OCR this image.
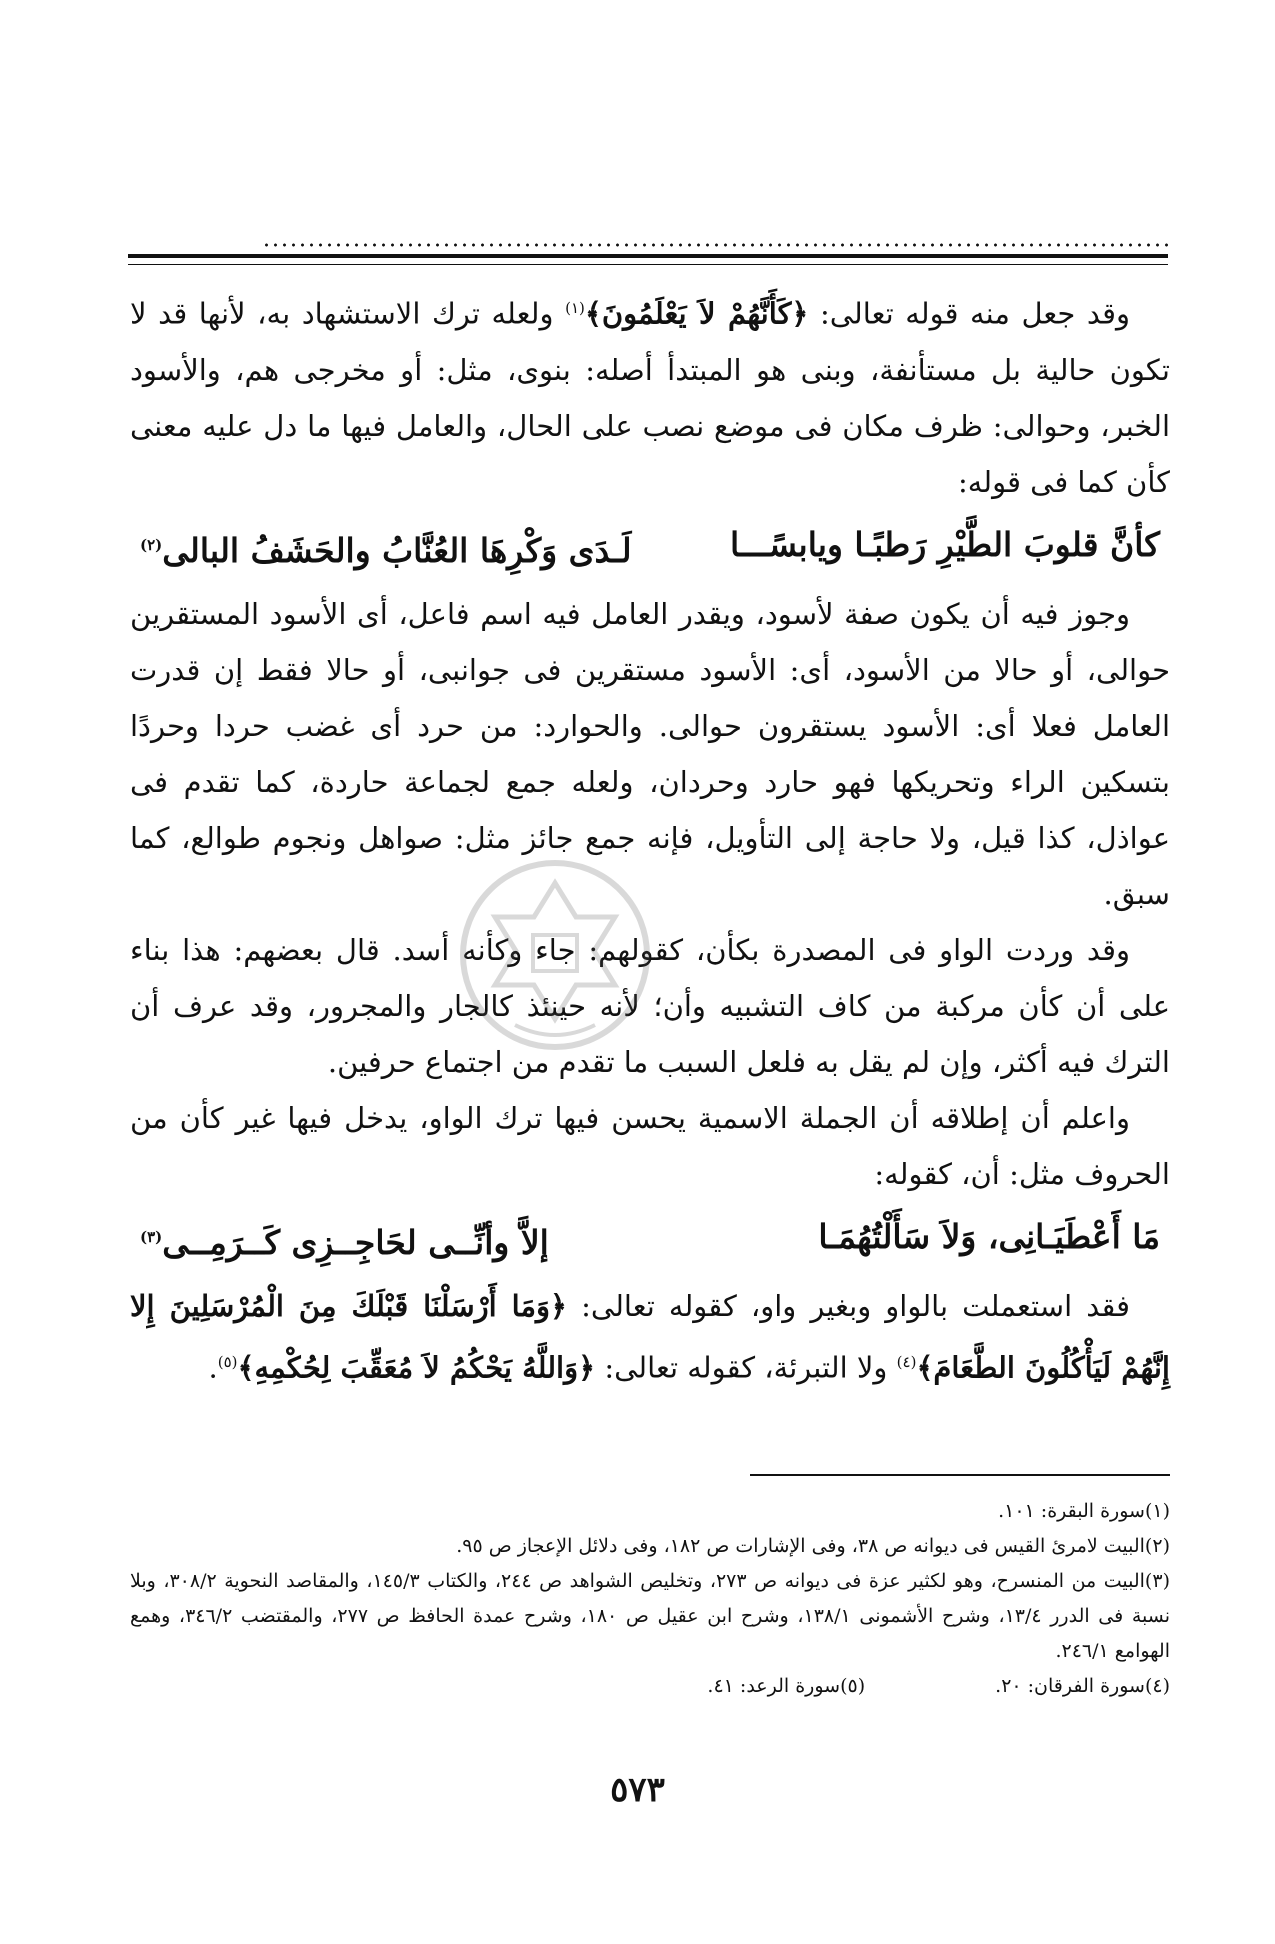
وقد جعل منه قوله تعالى: ﴿كَأَنَّهُمْ لاَ يَعْلَمُونَ﴾$^{(١)}$ ولعله ترك الاستشهاد به، لأنها قد لا تكون حالية بل مستأنفة، وبنى هو المبتدأ أصله: بنوى، مثل: أو مخرجى هم، والأسود الخبر، وحوالى: ظرف مكان فى موضع نصب على الحال، والعامل فيها ما دل عليه معنى كأن كما فى قوله:

كأنَّ قلوبَ الطَّيْرِ رَطبًـا ويابسًـــا
لَـدَى وَكْرِهَا العُنَّابُ والحَشَفُ البالى$^{(٢)}$

وجوز فيه أن يكون صفة لأسود، ويقدر العامل فيه اسم فاعل، أى الأسود المستقرين حوالى، أو حالا من الأسود، أى: الأسود مستقرين فى جوانبى، أو حالا فقط إن قدرت العامل فعلا أى: الأسود يستقرون حوالى. والحوارد: من حرد أى غضب حردا وحردًا بتسكين الراء وتحريكها فهو حارد وحردان، ولعله جمع لجماعة حاردة، كما تقدم فى عواذل، كذا قيل، ولا حاجة إلى التأويل، فإنه جمع جائز مثل: صواهل ونجوم طوالع، كما سبق.

وقد وردت الواو فى المصدرة بكأن، كقولهم: جاء وكأنه أسد. قال بعضهم: هذا بناء على أن كأن مركبة من كاف التشبيه وأن؛ لأنه حينئذ كالجار والمجرور، وقد عرف أن الترك فيه أكثر، وإن لم يقل به فلعل السبب ما تقدم من اجتماع حرفين.

واعلم أن إطلاقه أن الجملة الاسمية يحسن فيها ترك الواو، يدخل فيها غير كأن من الحروف مثل: أن، كقوله:

مَا أَعْطَيَـانِى، وَلاَ سَأَلْتُهُمَـا
إلاَّ وأنِّــى لحَاجِــزِى كَــرَمِــى$^{(٣)}$

فقد استعملت بالواو وبغير واو، كقوله تعالى: ﴿وَمَا أَرْسَلْنَا قَبْلَكَ مِنَ الْمُرْسَلِينَ إِلا إِنَّهُمْ لَيَأْكُلُونَ الطَّعَامَ﴾$^{(٤)}$ ولا التبرئة، كقوله تعالى: ﴿وَاللَّهُ يَحْكُمُ لاَ مُعَقِّبَ لِحُكْمِهِ﴾$^{(٥)}$.

(١)سورة البقرة: ١٠١.

(٢)البيت لامرئ القيس فى ديوانه ص ٣٨، وفى الإشارات ص ١٨٢، وفى دلائل الإعجاز ص ٩٥.

(٣)البيت من المنسرح، وهو لكثير عزة فى ديوانه ص ٢٧٣، وتخليص الشواهد ص ٢٤٤، والكتاب ١٤٥/٣، والمقاصد النحوية ٣٠٨/٢، وبلا نسبة فى الدرر ١٣/٤، وشرح الأشمونى ١٣٨/١، وشرح ابن عقيل ص ١٨٠، وشرح عمدة الحافظ ص ٢٧٧، والمقتضب ٣٤٦/٢، وهمع الهوامع ٢٤٦/١.

(٤)سورة الفرقان: ٢٠.
(٥)سورة الرعد: ٤١.
٥٧٣
